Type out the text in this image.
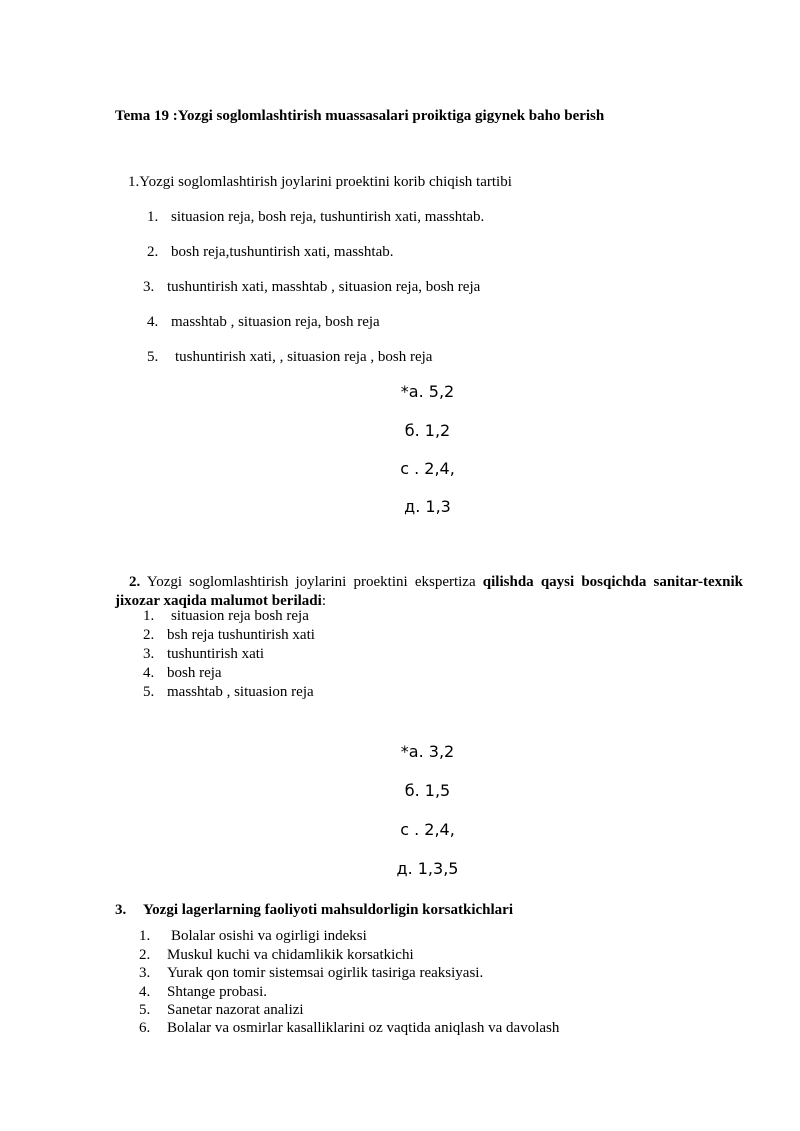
Tema 19 :Yozgi soglomlashtirish muassasalari proiktiga gigynek baho berish
1.Yozgi soglomlashtirish joylarini proektini korib chiqish tartibi
1. situasion reja, bosh reja, tushuntirish xati, masshtab.
2. bosh reja,tushuntirish xati, masshtab.
3. tushuntirish xati, masshtab , situasion reja, bosh reja
4. masshtab , situasion reja, bosh reja
5. tushuntirish xati, , situasion reja , bosh reja
*а. 5,2
б. 1,2
с . 2,4,
д. 1,3
2. Yozgi soglomlashtirish joylarini proektini ekspertiza qilishda qaysi bosqichda sanitar-texnik jixozar xaqida malumot beriladi:
1. situasion reja bosh reja
2. bsh reja tushuntirish xati
3. tushuntirish xati
4. bosh reja
5. masshtab , situasion reja
*а. 3,2
б. 1,5
с . 2,4,
д. 1,3,5
3. Yozgi lagerlarning faoliyoti mahsuldorligin korsatkichlari
1. Bolalar osishi va ogirligi indeksi
2. Muskul kuchi va chidamlikik korsatkichi
3. Yurak qon tomir sistemsai ogirlik tasiriga reaksiyasi.
4. Shtange probasi.
5. Sanetar nazorat analizi
6. Bolalar va osmirlar kasalliklarini oz vaqtida aniqlash va davolash
